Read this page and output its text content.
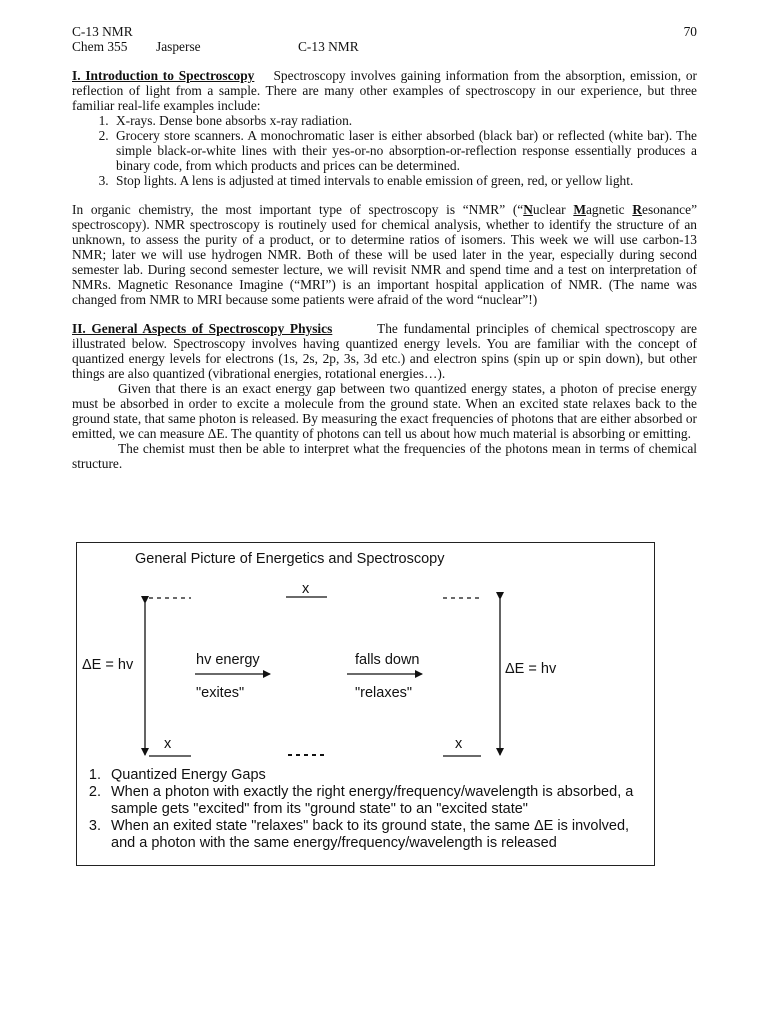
C-13 NMR	70
Chem 355 Jasperse	C-13 NMR

I. Introduction to Spectroscopy Spectroscopy involves gaining information from the absorption, emission, or reflection of light from a sample. There are many other examples of spectroscopy in our experience, but three familiar real-life examples include:

1. X-rays. Dense bone absorbs x-ray radiation.
2. Grocery store scanners. A monochromatic laser is either absorbed (black bar) or reflected (white bar). The simple black-or-white lines with their yes-or-no absorption-or-reflection response essentially produces a binary code, from which products and prices can be determined.
3. Stop lights. A lens is adjusted at timed intervals to enable emission of green, red, or yellow light.

In organic chemistry, the most important type of spectroscopy is “NMR” (“Nuclear Magnetic Resonance” spectroscopy). NMR spectroscopy is routinely used for chemical analysis, whether to identify the structure of an unknown, to assess the purity of a product, or to determine ratios of isomers. This week we will use carbon-13 NMR; later we will use hydrogen NMR. Both of these will be used later in the year, especially during second semester lab. During second semester lecture, we will revisit NMR and spend time and a test on interpretation of NMRs. Magnetic Resonance Imagine (“MRI”) is an important hospital application of NMR. (The name was changed from NMR to MRI because some patients were afraid of the word “nuclear”!)

II. General Aspects of Spectroscopy Physics	The fundamental principles of chemical spectroscopy are illustrated below. Spectroscopy involves having quantized energy levels. You are familiar with the concept of quantized energy levels for electrons (1s, 2s, 2p, 3s, 3d etc.) and electron spins (spin up or spin down), but other things are also quantized (vibrational energies, rotational energies…).

Given that there is an exact energy gap between two quantized energy states, a photon of precise energy must be absorbed in order to excite a molecule from the ground state. When an excited state relaxes back to the ground state, that same photon is released. By measuring the exact frequencies of photons that are either absorbed or emitted, we can measure ΔE. The quantity of photons can tell us about how much material is absorbing or emitting.

The chemist must then be able to interpret what the frequencies of the photons mean in terms of chemical structure.

General Picture of Energetics and Spectroscopy
x
ΔE = hv	hv energy
"exites"
falls down
"relaxes"
ΔE = hv
x	x
1. Quantized Energy Gaps
2. When a photon with exactly the right energy/frequency/wavelength is absorbed, a sample gets "excited" from its "ground state" to an "excited state"
3. When an exited state "relaxes" back to its ground state, the same ΔE is involved, and a photon with the same energy/frequency/wavelength is released
